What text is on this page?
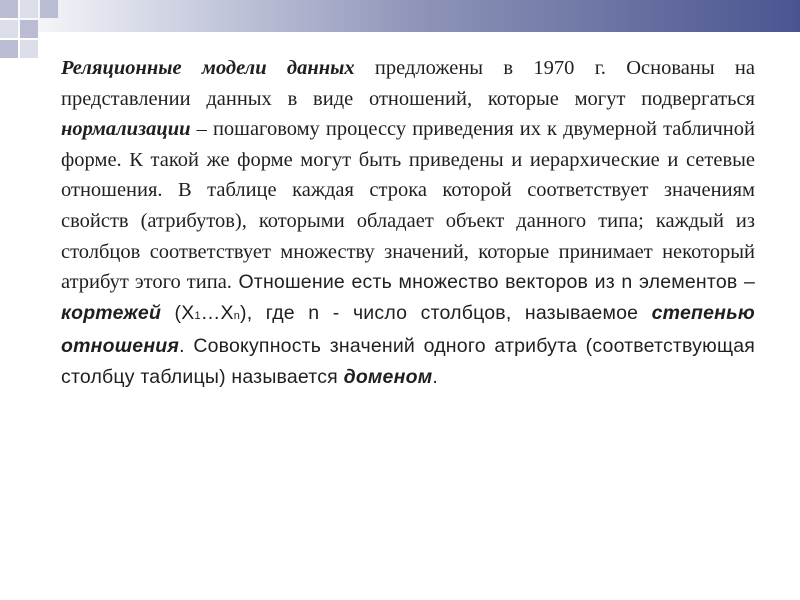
Реляционные модели данных предложены в 1970 г. Основаны на представлении данных в виде отношений, которые могут подвергаться нормализации – пошаговому процессу приведения их к двумерной табличной форме. К такой же форме могут быть приведены и иерархические и сетевые отношения. В таблице каждая строка которой соответствует значениям свойств (атрибутов), которыми обладает объект данного типа; каждый из столбцов соответствует множеству значений, которые принимает некоторый атрибут этого типа. Отношение есть множество векторов из n элементов – кортежей (X1…Xn), где n - число столбцов, называемое степенью отношения. Совокупность значений одного атрибута (соответствующая столбцу таблицы) называется доменом.
